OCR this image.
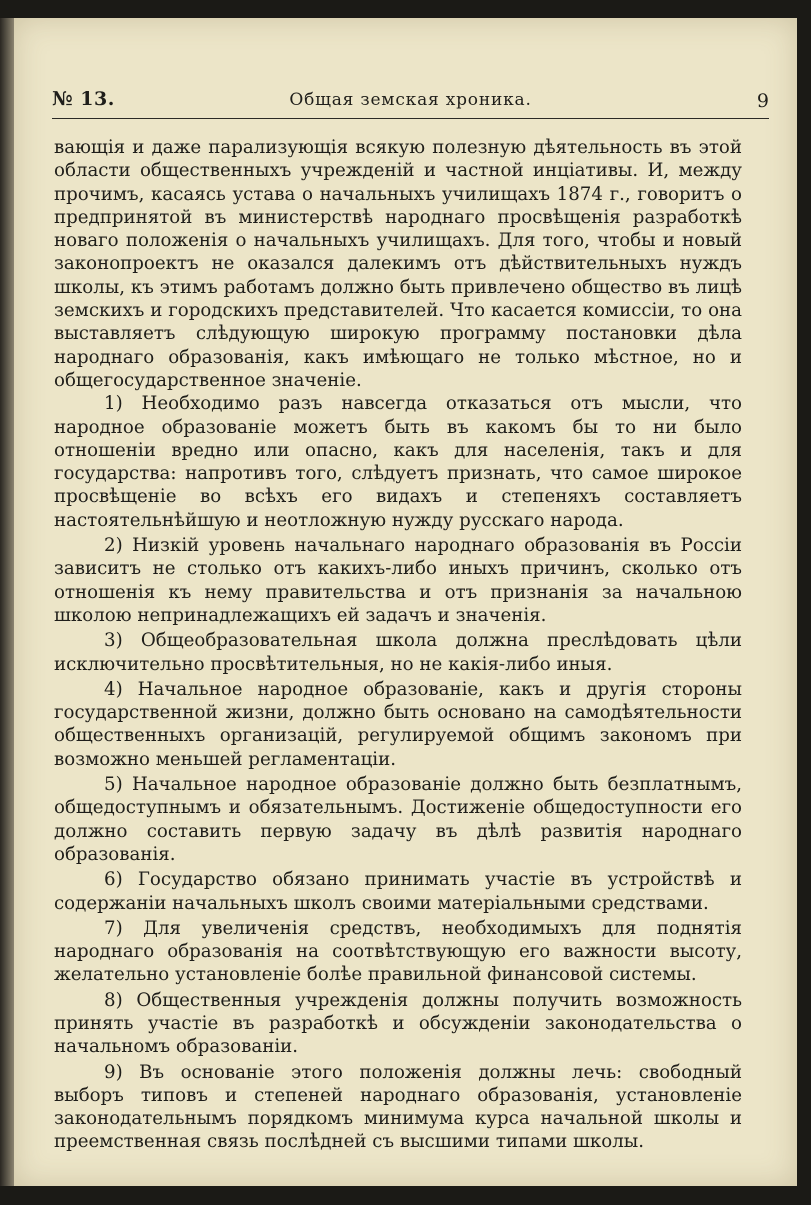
№ 13.	Общая земская хроника.	9

вающія и даже парализующія всякую полезную дѣятельность въ этой области общественныхъ учрежденій и частной инціативы. И, между прочимъ, касаясь устава о начальныхъ училищахъ 1874 г., говоритъ о предпринятой въ министерствѣ народнаго просвѣщенія разработкѣ новаго положенія о начальныхъ училищахъ. Для того, чтобы и новый законопроектъ не оказался далекимъ отъ дѣйствительныхъ нуждъ школы, къ этимъ работамъ должно быть привлечено общество въ лицѣ земскихъ и городскихъ представителей. Что касается комиссіи, то она выставляетъ слѣдующую широкую программу постановки дѣла народнаго образованія, какъ имѣющаго не только мѣстное, но и общегосударственное значеніе.

1) Необходимо разъ навсегда отказаться отъ мысли, что народное образованіе можетъ быть въ какомъ бы то ни было отношеніи вредно или опасно, какъ для населенія, такъ и для государства: напротивъ того, слѣдуетъ признать, что самое широкое просвѣщеніе во всѣхъ его видахъ и степеняхъ составляетъ настоятельнѣйшую и неотложную нужду русскаго народа.

2) Низкій уровень начальнаго народнаго образованія въ Россіи зависитъ не столько отъ какихъ-либо иныхъ причинъ, сколько отъ отношенія къ нему правительства и отъ признанія за начальною школою непринадлежащихъ ей задачъ и значенія.

3) Общеобразовательная школа должна преслѣдовать цѣли исключительно просвѣтительныя, но не какія-либо иныя.

4) Начальное народное образованіе, какъ и другія стороны государственной жизни, должно быть основано на самодѣятельности общественныхъ организацій, регулируемой общимъ закономъ при возможно меньшей регламентаціи.

5) Начальное народное образованіе должно быть безплатнымъ, общедоступнымъ и обязательнымъ. Достиженіе общедоступности его должно составить первую задачу въ дѣлѣ развитія народнаго образованія.

6) Государство обязано принимать участіе въ устройствѣ и содержаніи начальныхъ школъ своими матеріальными средствами.

7) Для увеличенія средствъ, необходимыхъ для поднятія народнаго образованія на соотвѣтствующую его важности высоту, желательно установленіе болѣе правильной финансовой системы.

8) Общественныя учрежденія должны получить возможность принять участіе въ разработкѣ и обсужденіи законодательства о начальномъ образованіи.

9) Въ основаніе этого положенія должны лечь: свободный выборъ типовъ и степеней народнаго образованія, установленіе законодательнымъ порядкомъ минимума курса начальной школы и преемственная связь послѣдней съ высшими типами школы.
